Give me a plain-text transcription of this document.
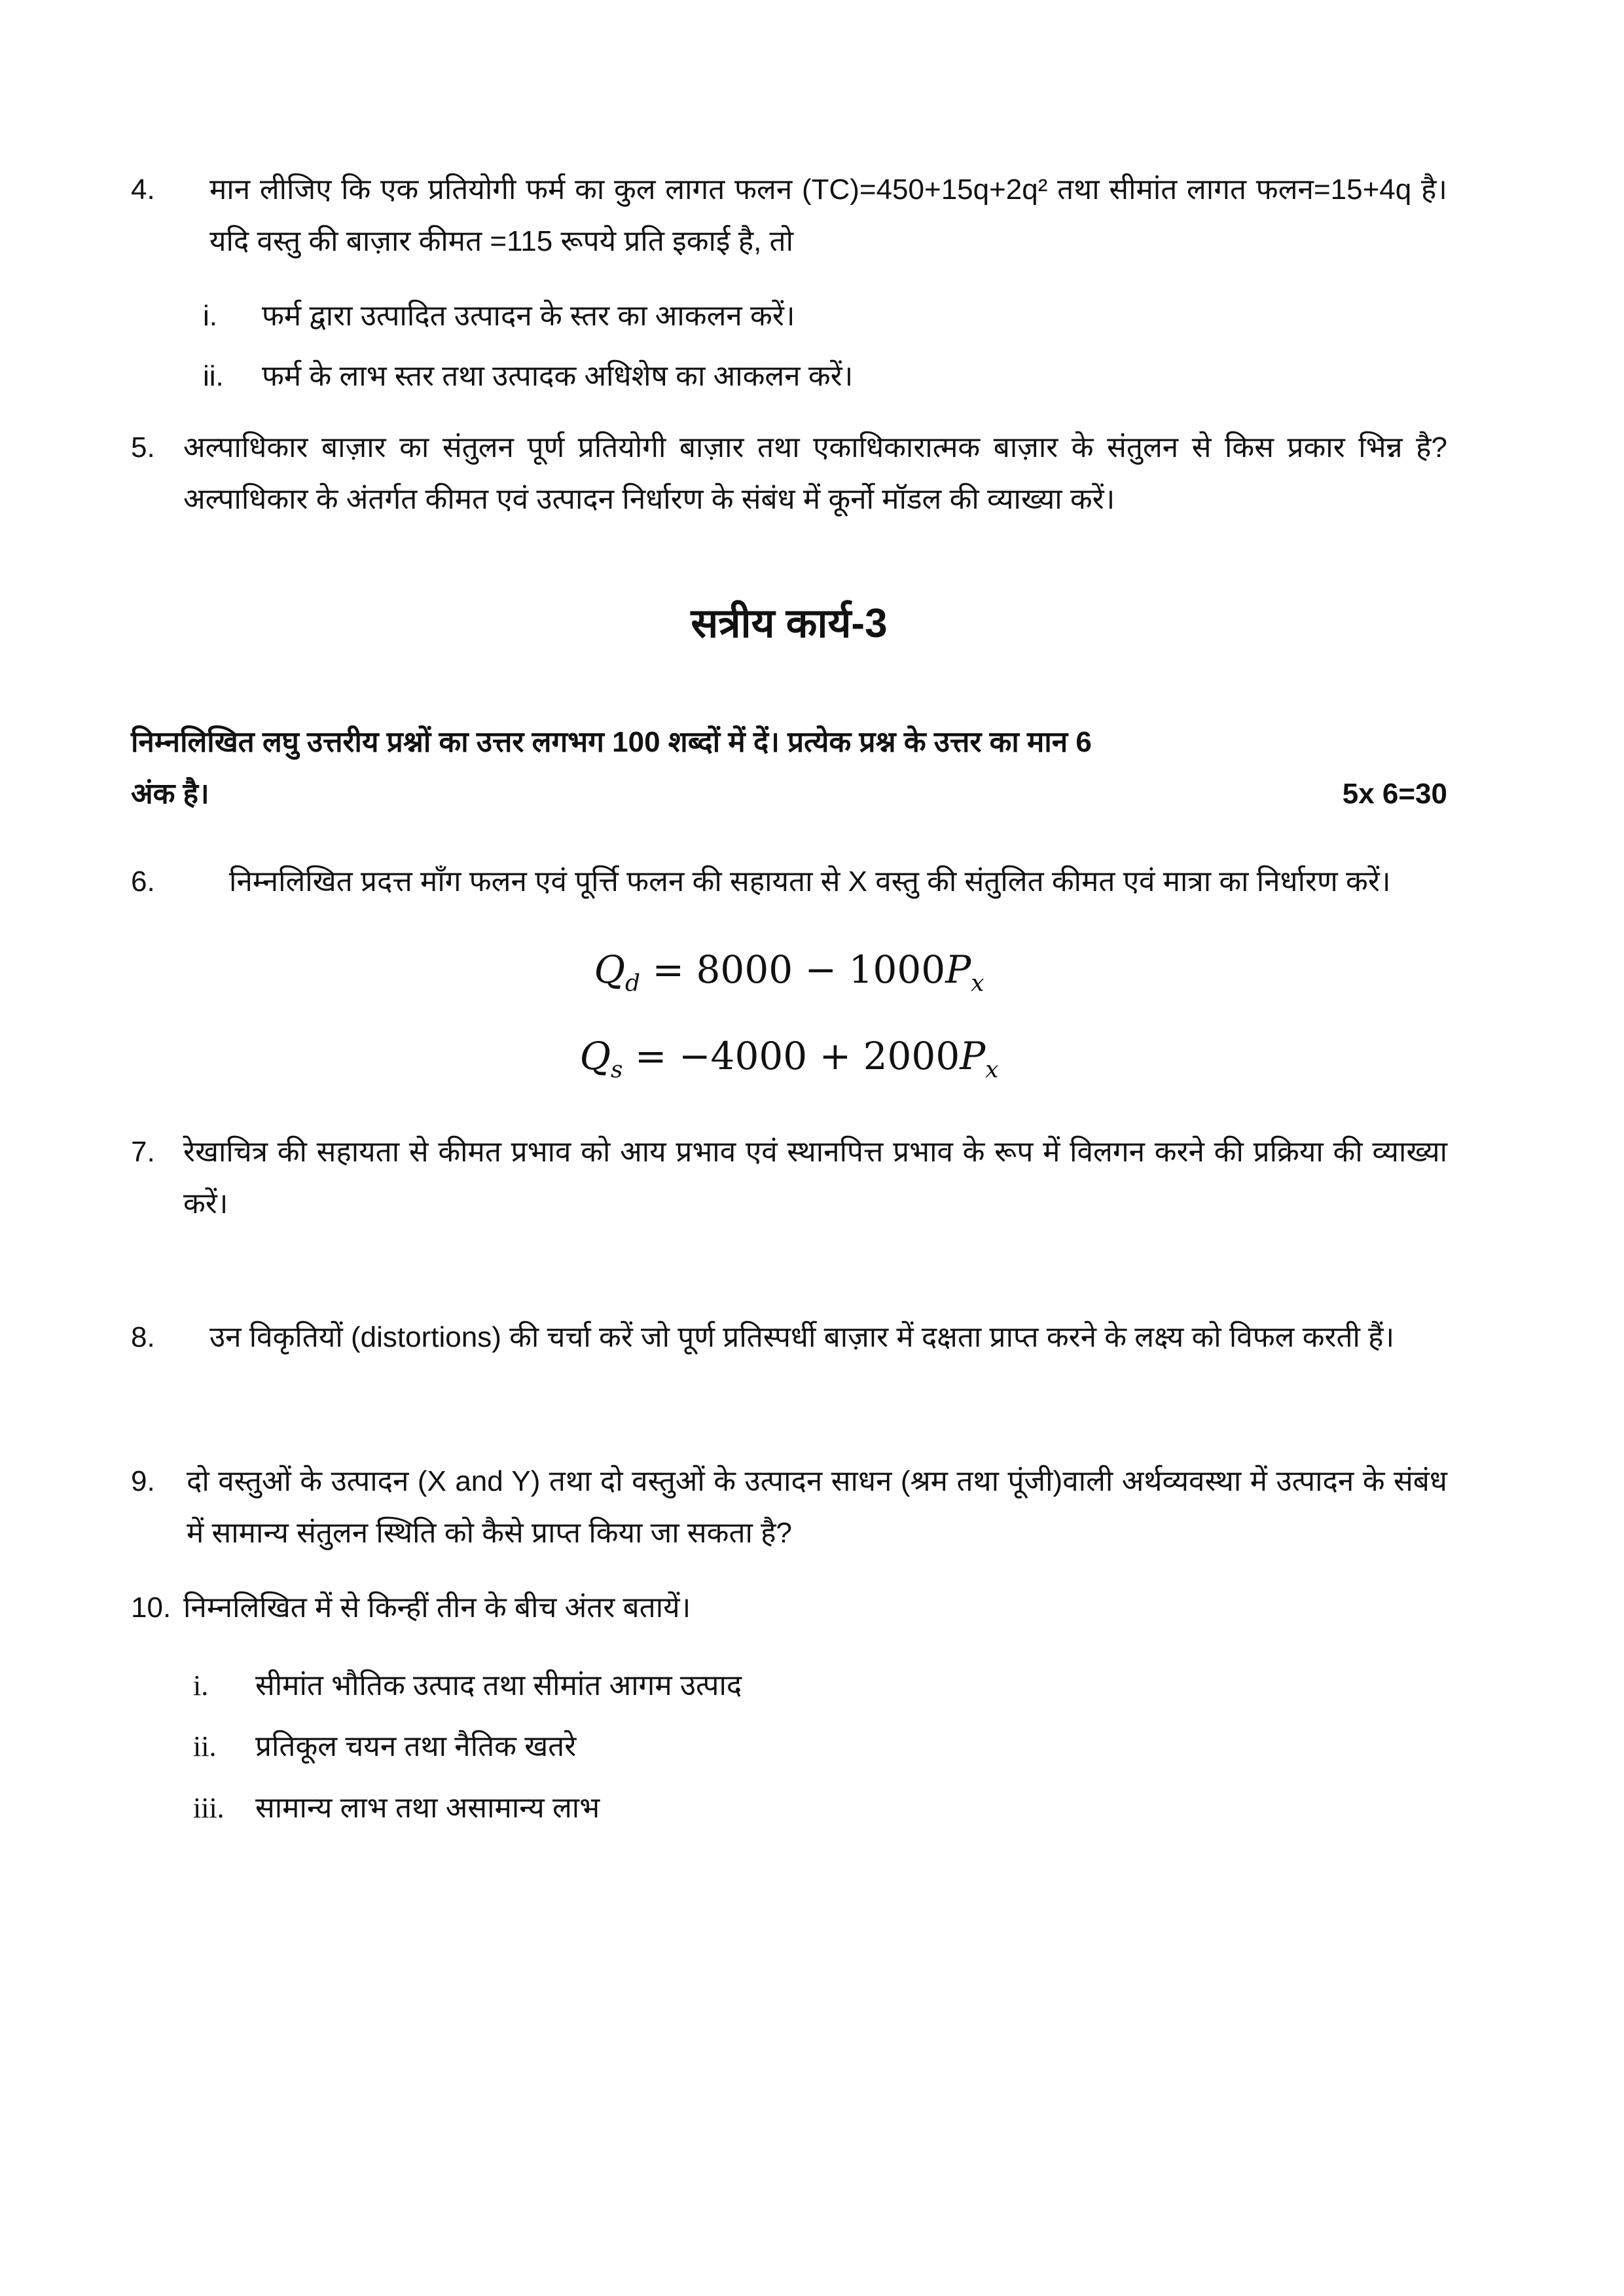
4.	मान लीजिए कि एक प्रतियोगी फर्म का कुल लागत फलन (TC)=450+15q+2q² तथा सीमांत लागत फलन=15+4q है। यदि वस्तु की बाज़ार कीमत =115 रूपये प्रति इकाई है, तो
i.	फर्म द्वारा उत्पादित उत्पादन के स्तर का आकलन करें।
ii.	फर्म के लाभ स्तर तथा उत्पादक अधिशेष का आकलन करें।
5. अल्पाधिकार बाज़ार का संतुलन पूर्ण प्रतियोगी बाज़ार तथा एकाधिकारात्मक बाज़ार के संतुलन से किस प्रकार भिन्न है? अल्पाधिकार के अंतर्गत कीमत एवं उत्पादन निर्धारण के संबंध में कूर्नो मॉडल की व्याख्या करें।
सत्रीय कार्य-3
निम्नलिखित लघु उत्तरीय प्रश्नों का उत्तर लगभग 100 शब्दों में दें। प्रत्येक प्रश्न के उत्तर का मान 6
अंक है।	5x 6=30
6.	निम्नलिखित प्रदत्त माँग फलन एवं पूर्त्ति फलन की सहायता से X वस्तु की संतुलित कीमत एवं मात्रा का निर्धारण करें।
$Q_d = 8000 - 1000P_x$
$Q_s = -4000 + 2000P_x$
7. रेखाचित्र की सहायता से कीमत प्रभाव को आय प्रभाव एवं स्थानपित्त प्रभाव के रूप में विलगन करने की प्रक्रिया की व्याख्या करें।
8.	उन विकृतियों (distortions) की चर्चा करें जो पूर्ण प्रतिस्पर्धी बाज़ार में दक्षता प्राप्त करने के लक्ष्य को विफल करती हैं।
9.	दो वस्तुओं के उत्पादन (X and Y) तथा दो वस्तुओं के उत्पादन साधन (श्रम तथा पूंजी)वाली अर्थव्यवस्था में उत्पादन के संबंध में सामान्य संतुलन स्थिति को कैसे प्राप्त किया जा सकता है?
10. निम्नलिखित में से किन्हीं तीन के बीच अंतर बतायें।
i.	सीमांत भौतिक उत्पाद तथा सीमांत आगम उत्पाद
ii.	प्रतिकूल चयन तथा नैतिक खतरे
iii.	सामान्य लाभ तथा असामान्य लाभ
